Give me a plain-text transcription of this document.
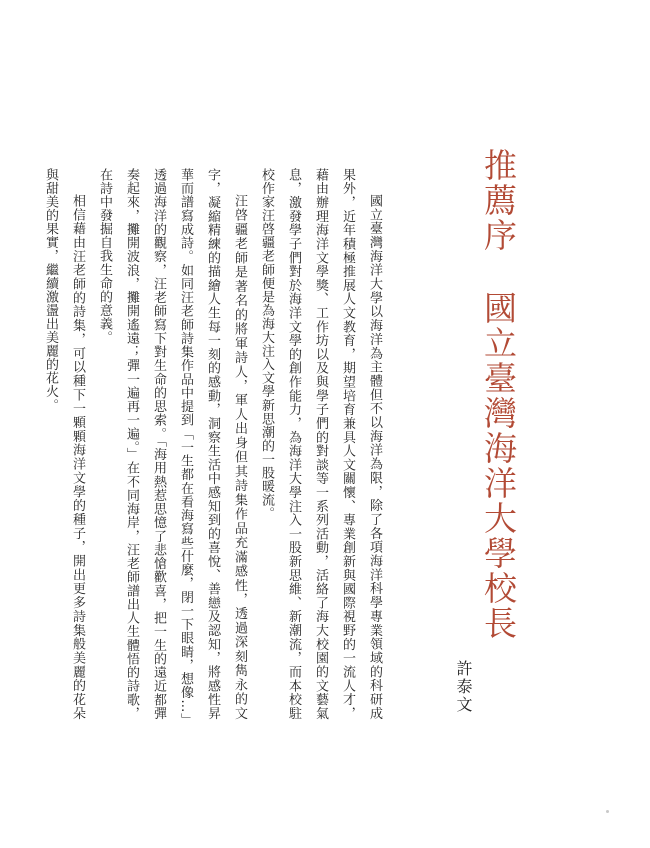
推薦序國立臺灣海洋大學校長

國立臺灣海洋大學以海洋為主體但不以海洋為限，除了各項海洋科學專業領域的科研成果外，近年積極推展人文教育，期望培育兼具人文關懷、專業創新與國際視野的一流人才，藉由辦理海洋文學獎、工作坊以及與學子們的對談等一系列活動，活絡了海大校園的文藝氣息，激發學子們對於海洋文學的創作能力，為海洋大學注入一股新思維、新潮流，而本校駐校作家汪啓疆老師便是為海大注入文學新思潮的一股暖流。

汪啓疆老師是著名的將軍詩人，軍人出身但其詩集作品充滿感性，透過深刻雋永的文字，凝縮精練的描繪人生每一刻的感動，洞察生活中感知到的喜悅、善戀及認知，將感性昇華而譜寫成詩。如同汪老師詩集作品中提到「一生都在看海寫些什麼，閉一下眼睛，想像…」透過海洋的觀察，汪老師寫下對生命的思索。「海用熱惹思憶了悲愴歡喜，把一生的遠近都彈奏起來，攤開波浪，攤開遙遠；彈一遍再一遍。」在不同海岸，汪老師譜出人生體悟的詩歌，在詩中發掘自我生命的意義。

相信藉由汪老師的詩集，可以種下一顆顆海洋文學的種子，開出更多詩集般美麗的花朵與甜美的果實，繼續激盪出美麗的花火。

許泰文
